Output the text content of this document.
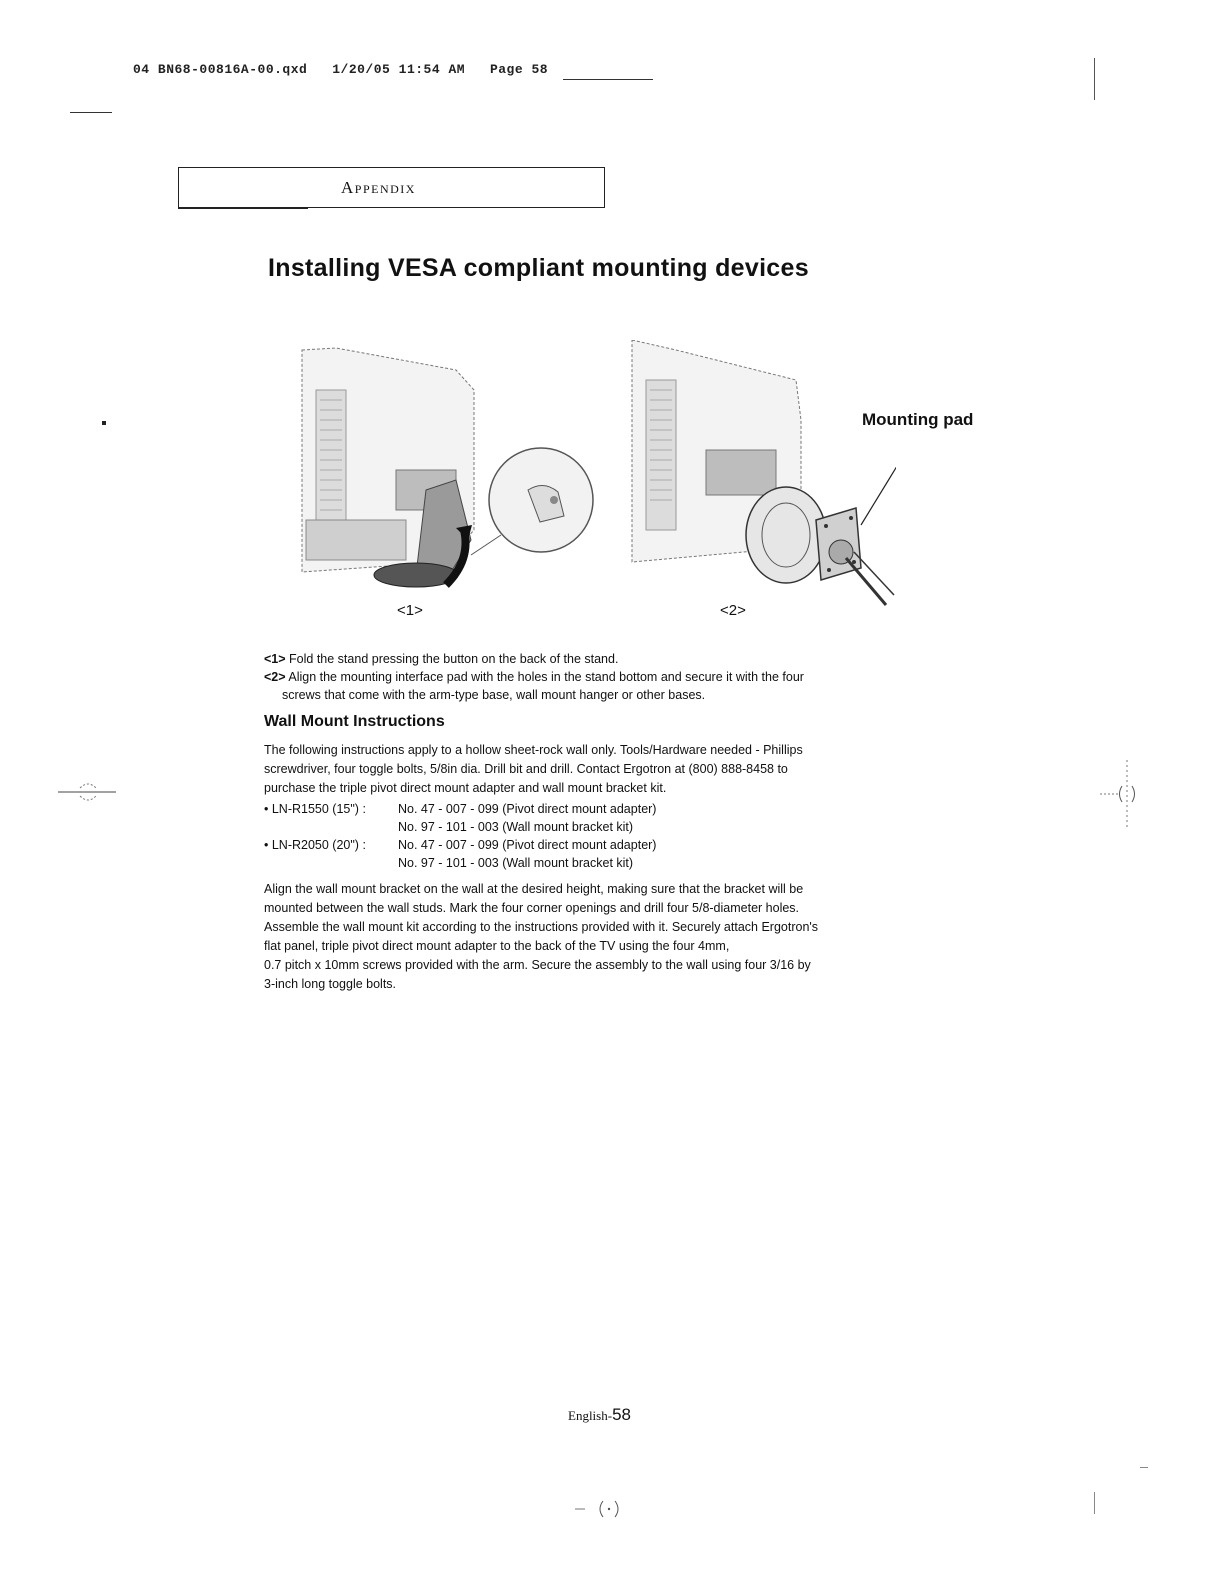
04 BN68-00816A-00.qxd   1/20/05 11:54 AM   Page 58
Appendix
Installing VESA compliant mounting devices
Mounting pad
<1>	<2>
<1> Fold the stand pressing the button on the back of the stand.
<2> Align the mounting interface pad with the holes in the stand bottom and secure it with the four
screws that come with the arm-type base, wall mount hanger or other bases.
Wall Mount Instructions
The following instructions apply to a hollow sheet-rock wall only. Tools/Hardware needed - Phillips
screwdriver, four toggle bolts, 5/8in dia. Drill bit and drill. Contact Ergotron at (800) 888-8458 to
purchase the triple pivot direct mount adapter and wall mount bracket kit.
• LN-R1550 (15") :	No. 47 - 007 - 099 (Pivot direct mount adapter)
No. 97 - 101 - 003 (Wall mount bracket kit)
• LN-R2050 (20") :	No. 47 - 007 - 099 (Pivot direct mount adapter)
No. 97 - 101 - 003 (Wall mount bracket kit)
Align the wall mount bracket on the wall at the desired height, making sure that the bracket will be
mounted between the wall studs. Mark the four corner openings and drill four 5/8-diameter holes.
Assemble the wall mount kit according to the instructions provided with it. Securely attach Ergotron's
flat panel, triple pivot direct mount adapter to the back of the TV using the four 4mm,
0.7 pitch x 10mm screws provided with the arm. Secure the assembly to the wall using four 3/16 by
3-inch long toggle bolts.
English-58
